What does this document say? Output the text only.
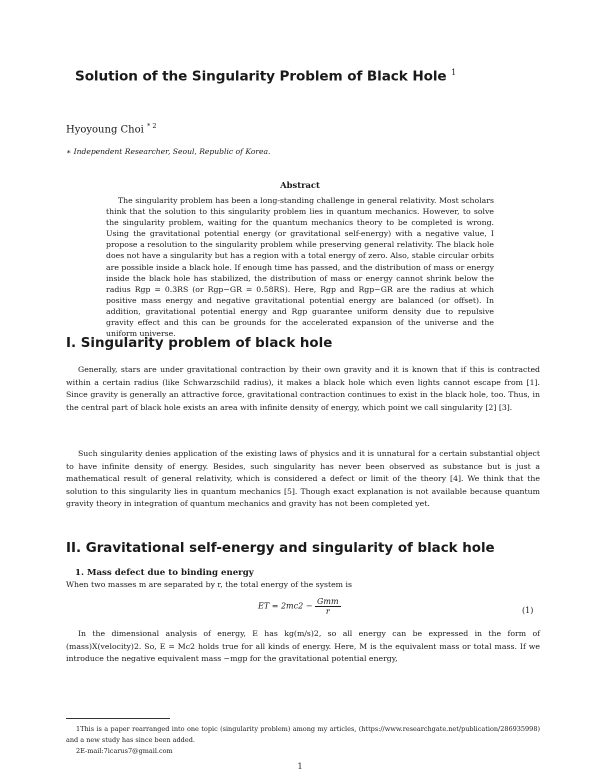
Solution of the Singularity Problem of Black Hole $^1$
Hyoyoung Choi $^{* 2}$
∗ Independent Researcher, Seoul, Republic of Korea.
Abstract
The singularity problem has been a long-standing challenge in general relativity. Most scholars think that the solution to this singularity problem lies in quantum mechanics. However, to solve the singularity problem, waiting for the quantum mechanics theory to be completed is wrong. Using the gravitational potential energy (or gravitational self-energy) with a negative value, I propose a resolution to the singularity problem while preserving general relativity. The black hole does not have a singularity but has a region with a total energy of zero. Also, stable circular orbits are possible inside a black hole. If enough time has passed, and the distribution of mass or energy inside the black hole has stabilized, the distribution of mass or energy cannot shrink below the radius Rgp = 0.3RS (or Rgp−GR = 0.58RS). Here, Rgp and Rgp−GR are the radius at which positive mass energy and negative gravitational potential energy are balanced (or offset). In addition, gravitational potential energy and Rgp guarantee uniform density due to repulsive gravity effect and this can be grounds for the accelerated expansion of the universe and the uniform universe.
I. Singularity problem of black hole
Generally, stars are under gravitational contraction by their own gravity and it is known that if this is contracted within a certain radius (like Schwarzschild radius), it makes a black hole which even lights cannot escape from [1]. Since gravity is generally an attractive force, gravitational contraction continues to exist in the black hole, too. Thus, in the central part of black hole exists an area with infinite density of energy, which point we call singularity [2] [3].
Such singularity denies application of the existing laws of physics and it is unnatural for a certain substantial object to have infinite density of energy. Besides, such singularity has never been observed as substance but is just a mathematical result of general relativity, which is considered a defect or limit of the theory [4]. We think that the solution to this singularity lies in quantum mechanics [5]. Though exact explanation is not available because quantum gravity theory in integration of quantum mechanics and gravity has not been completed yet.
II. Gravitational self-energy and singularity of black hole
1. Mass defect due to binding energy
When two masses m are separated by r, the total energy of the system is
ET = $2mc2 - \frac{\text{Gmm}}{r}$	(1)
In the dimensional analysis of energy, E has kg(m/s)2, so all energy can be expressed in the form of (mass)X(velocity)2. So, E = Mc2 holds true for all kinds of energy. Here, M is the equivalent mass or total mass. If we introduce the negative equivalent mass −mgp for the gravitational potential energy,
1This is a paper rearranged into one topic (singularity problem) among my articles, (https://www.researchgate.net/publication/286935998) and a new study has since been added.
2E-mail:7icarus7@gmail.com
1
